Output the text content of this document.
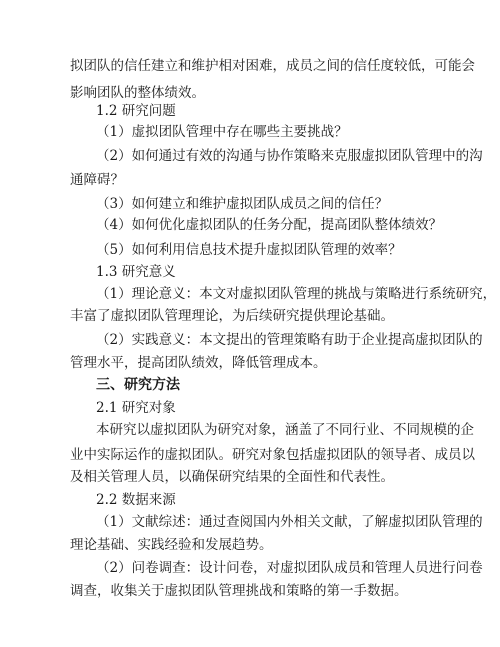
拟团队的信任建立和维护相对困难，成员之间的信任度较低，可能会
影响团队的整体绩效。
1.2 研究问题
（1）虚拟团队管理中存在哪些主要挑战？
（2）如何通过有效的沟通与协作策略来克服虚拟团队管理中的沟
通障碍？
（3）如何建立和维护虚拟团队成员之间的信任？
（4）如何优化虚拟团队的任务分配，提高团队整体绩效？
（5）如何利用信息技术提升虚拟团队管理的效率？
1.3 研究意义
（1）理论意义：本文对虚拟团队管理的挑战与策略进行系统研究，
丰富了虚拟团队管理理论，为后续研究提供理论基础。
（2）实践意义：本文提出的管理策略有助于企业提高虚拟团队的
管理水平，提高团队绩效，降低管理成本。
三、研究方法
2.1 研究对象
本研究以虚拟团队为研究对象，涵盖了不同行业、不同规模的企
业中实际运作的虚拟团队。研究对象包括虚拟团队的领导者、成员以
及相关管理人员，以确保研究结果的全面性和代表性。
2.2 数据来源
（1）文献综述：通过查阅国内外相关文献，了解虚拟团队管理的
理论基础、实践经验和发展趋势。
（2）问卷调查：设计问卷，对虚拟团队成员和管理人员进行问卷
调查，收集关于虚拟团队管理挑战和策略的第一手数据。
